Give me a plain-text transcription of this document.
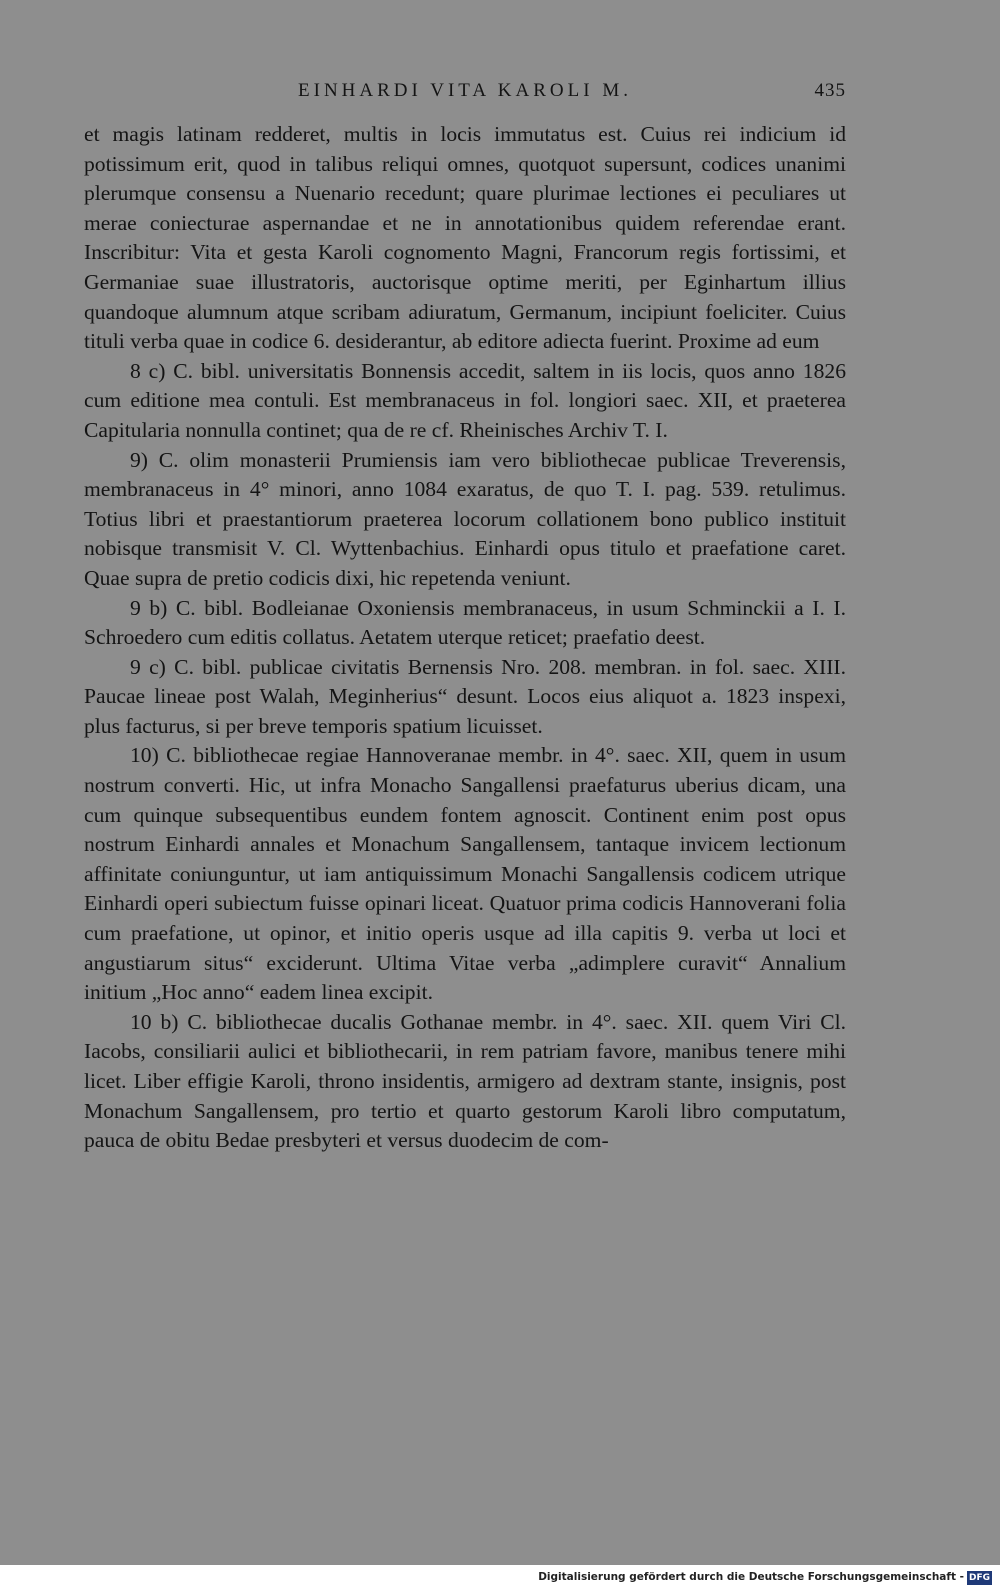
EINHARDI VITA KAROLI M.	435

et magis latinam redderet, multis in locis immutatus est. Cuius rei indicium id potissimum erit, quod in talibus reliqui omnes, quotquot supersunt, codices unanimi plerumque consensu a Nuenario recedunt; quare plurimae lectiones ei peculiares ut merae coniecturae aspernandae et ne in annotationibus quidem referendae erant. Inscribitur: Vita et gesta Karoli cognomento Magni, Francorum regis fortissimi, et Germaniae suae illustratoris, auctorisque optime meriti, per Eginhartum illius quandoque alumnum atque scribam adiuratum, Germanum, incipiunt foeliciter. Cuius tituli verba quae in codice 6. desiderantur, ab editore adiecta fuerint. Proxime ad eum

8 c) C. bibl. universitatis Bonnensis accedit, saltem in iis locis, quos anno 1826 cum editione mea contuli. Est membranaceus in fol. longiori saec. XII, et praeterea Capitularia nonnulla continet; qua de re cf. Rheinisches Archiv T. I.

9) C. olim monasterii Prumiensis iam vero bibliothecae publicae Treverensis, membranaceus in 4° minori, anno 1084 exaratus, de quo T. I. pag. 539. retulimus. Totius libri et praestantiorum praeterea locorum collationem bono publico instituit nobisque transmisit V. Cl. Wyttenbachius. Einhardi opus titulo et praefatione caret. Quae supra de pretio codicis dixi, hic repetenda veniunt.

9 b) C. bibl. Bodleianae Oxoniensis membranaceus, in usum Schminckii a I. I. Schroedero cum editis collatus. Aetatem uterque reticet; praefatio deest.

9 c) C. bibl. publicae civitatis Bernensis Nro. 208. membran. in fol. saec. XIII. Paucae lineae post Walah, Meginherius“ desunt. Locos eius aliquot a. 1823 inspexi, plus facturus, si per breve temporis spatium licuisset.

10) C. bibliothecae regiae Hannoveranae membr. in 4°. saec. XII, quem in usum nostrum converti. Hic, ut infra Monacho Sangallensi praefaturus uberius dicam, una cum quinque subsequentibus eundem fontem agnoscit. Continent enim post opus nostrum Einhardi annales et Monachum Sangallensem, tantaque invicem lectionum affinitate coniunguntur, ut iam antiquissimum Monachi Sangallensis codicem utrique Einhardi operi subiectum fuisse opinari liceat. Quatuor prima codicis Hannoverani folia cum praefatione, ut opinor, et initio operis usque ad illa capitis 9. verba ut loci et angustiarum situs“ exciderunt. Ultima Vitae verba „adimplere curavit“ Annalium initium „Hoc anno“ eadem linea excipit.

10 b) C. bibliothecae ducalis Gothanae membr. in 4°. saec. XII. quem Viri Cl. Iacobs, consiliarii aulici et bibliothecarii, in rem patriam favore, manibus tenere mihi licet. Liber effigie Karoli, throno insidentis, armigero ad dextram stante, insignis, post Monachum Sangallensem, pro tertio et quarto gestorum Karoli libro computatum, pauca de obitu Bedae presbyteri et versus duodecim de com-

Digitalisierung gefördert durch die Deutsche Forschungsgemeinschaft - DFG
